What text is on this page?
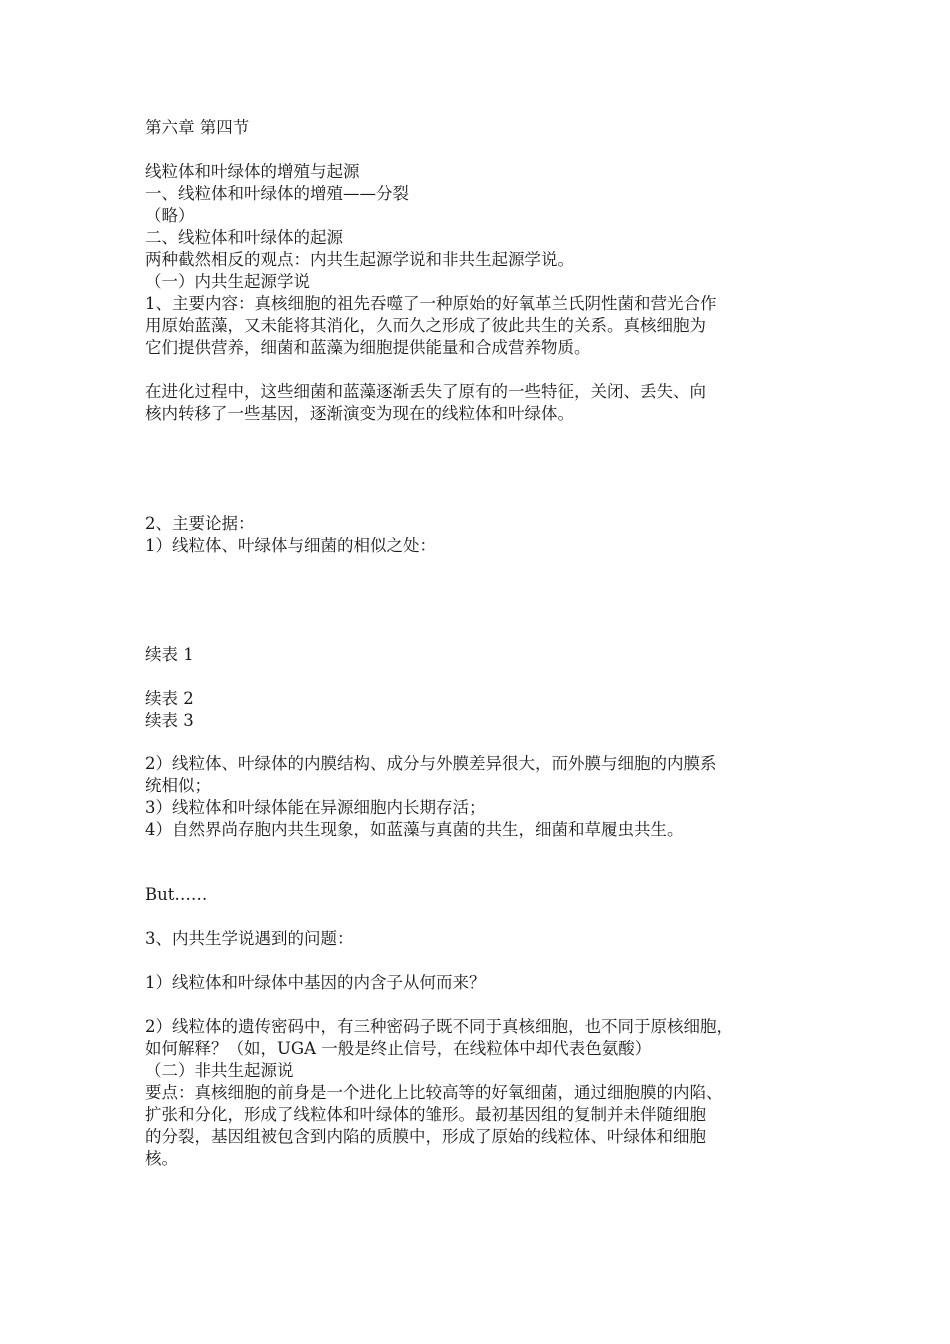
第六章 第四节
线粒体和叶绿体的增殖与起源
一、线粒体和叶绿体的增殖——分裂
（略）
二、线粒体和叶绿体的起源
两种截然相反的观点：内共生起源学说和非共生起源学说。
（一）内共生起源学说
1、主要内容：真核细胞的祖先吞噬了一种原始的好氧革兰氏阴性菌和营光合作
用原始蓝藻，又未能将其消化，久而久之形成了彼此共生的关系。真核细胞为
它们提供营养，细菌和蓝藻为细胞提供能量和合成营养物质。
在进化过程中，这些细菌和蓝藻逐渐丢失了原有的一些特征，关闭、丢失、向
核内转移了一些基因，逐渐演变为现在的线粒体和叶绿体。
2、主要论据：
1）线粒体、叶绿体与细菌的相似之处：
续表 1
续表 2
续表 3
2）线粒体、叶绿体的内膜结构、成分与外膜差异很大，而外膜与细胞的内膜系
统相似；
3）线粒体和叶绿体能在异源细胞内长期存活；
4）自然界尚存胞内共生现象，如蓝藻与真菌的共生，细菌和草履虫共生。
But……
3、内共生学说遇到的问题：
1）线粒体和叶绿体中基因的内含子从何而来？
2）线粒体的遗传密码中，有三种密码子既不同于真核细胞，也不同于原核细胞，
如何解释？（如，UGA 一般是终止信号，在线粒体中却代表色氨酸）
（二）非共生起源说
要点：真核细胞的前身是一个进化上比较高等的好氧细菌，通过细胞膜的内陷、
扩张和分化，形成了线粒体和叶绿体的雏形。最初基因组的复制并未伴随细胞
的分裂，基因组被包含到内陷的质膜中，形成了原始的线粒体、叶绿体和细胞
核。
